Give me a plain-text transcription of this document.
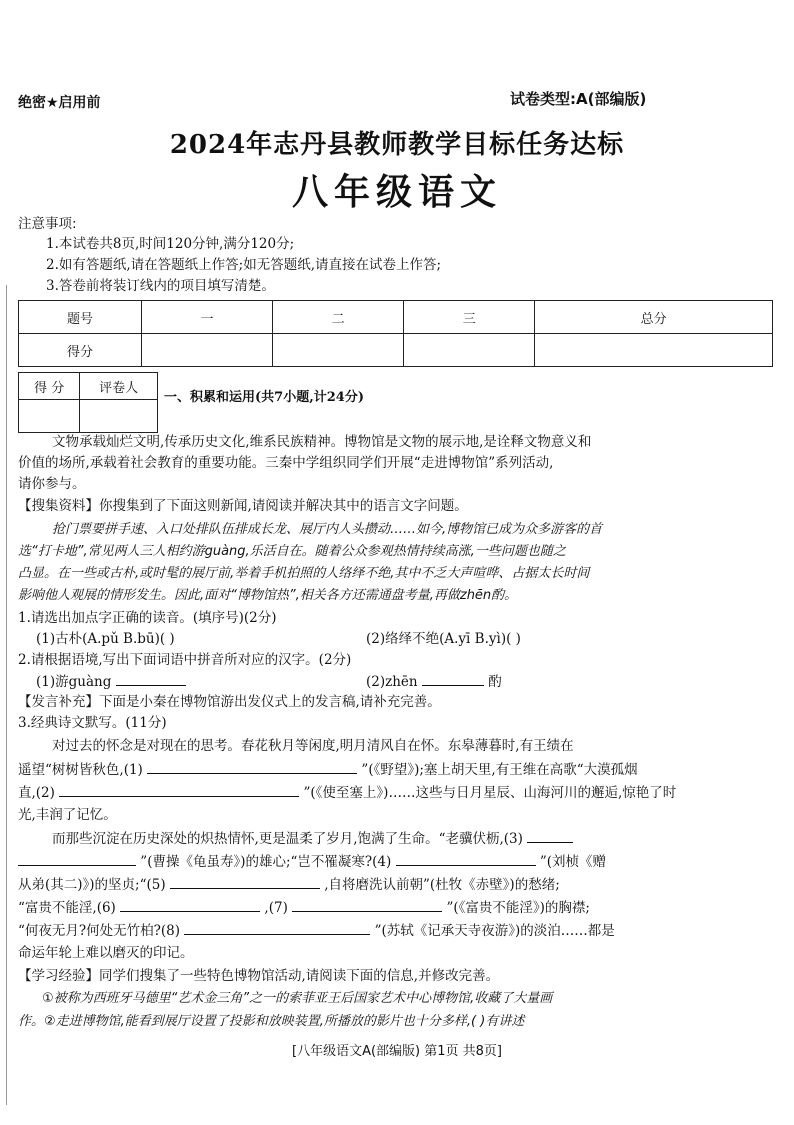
绝密★启用前	试卷类型:A(部编版)
2024年志丹县教师教学目标任务达标
八年级语文
注意事项:
1.本试卷共8页,时间120分钟,满分120分;
2.如有答题纸,请在答题纸上作答;如无答题纸,请直接在试卷上作答;
3.答卷前将装订线内的项目填写清楚。
题号	一	二	三	总分
得分				
得 分	评卷人

一、积累和运用(共7小题,计24分)
文物承载灿烂文明,传承历史文化,维系民族精神。博物馆是文物的展示地,是诠释文物意义和
价值的场所,承载着社会教育的重要功能。三秦中学组织同学们开展“走进博物馆”系列活动,
请你参与。
【搜集资料】你搜集到了下面这则新闻,请阅读并解决其中的语言文字问题。
抢门票要拼手速、入口处排队伍排成长龙、展厅内人头攒动……如今,博物馆已成为众多游客的首
选“打卡地”,常见两人三人相约游guàng,乐活自在。随着公众参观热情持续高涨,一些问题也随之
凸显。在一些或古朴,或时髦的展厅前,举着手机拍照的人络绎不绝,其中不乏大声喧哗、占据太长时间
影响他人观展的情形发生。因此,面对“博物馆热”,相关各方还需通盘考量,再做zhēn酌。
1.请选出加点字正确的读音。(填序号)(2分)
(1)古朴(A.pǔ B.bū)( )	(2)络绎不绝(A.yī B.yì)( )
2.请根据语境,写出下面词语中拼音所对应的汉字。(2分)
(1)游guàng	(2)zhēn	酌
【发言补充】下面是小秦在博物馆游出发仪式上的发言稿,请补充完善。
3.经典诗文默写。(11分)
对过去的怀念是对现在的思考。春花秋月等闲度,明月清风自在怀。东皋薄暮时,有王绩在
遥望“树树皆秋色,(1)	”(《野望》);塞上胡天里,有王维在高歌“大漠孤烟
直,(2)	”(《使至塞上》)……这些与日月星辰、山海河川的邂逅,惊艳了时
光,丰润了记忆。
而那些沉淀在历史深处的炽热情怀,更是温柔了岁月,饱满了生命。“老骥伏枥,(3)
”(曹操《龟虽寿》)的雄心;“岂不罹凝寒?(4)	”(刘桢《赠
从弟(其二)》)的坚贞;“(5)	,自将磨洗认前朝”(杜牧《赤壁》)的愁绪;
“富贵不能淫,(6)	,(7)	”(《富贵不能淫》)的胸襟;
“何夜无月?何处无竹柏?(8)	”(苏轼《记承天寺夜游》)的淡泊……都是
命运年轮上难以磨灭的印记。
【学习经验】同学们搜集了一些特色博物馆活动,请阅读下面的信息,并修改完善。
①被称为西班牙马德里“艺术金三角”之一的索菲亚王后国家艺术中心博物馆,收藏了大量画
作。②走进博物馆,能看到展厅设置了投影和放映装置,所播放的影片也十分多样,( )有讲述
[八年级语文A(部编版) 第1页 共8页]
